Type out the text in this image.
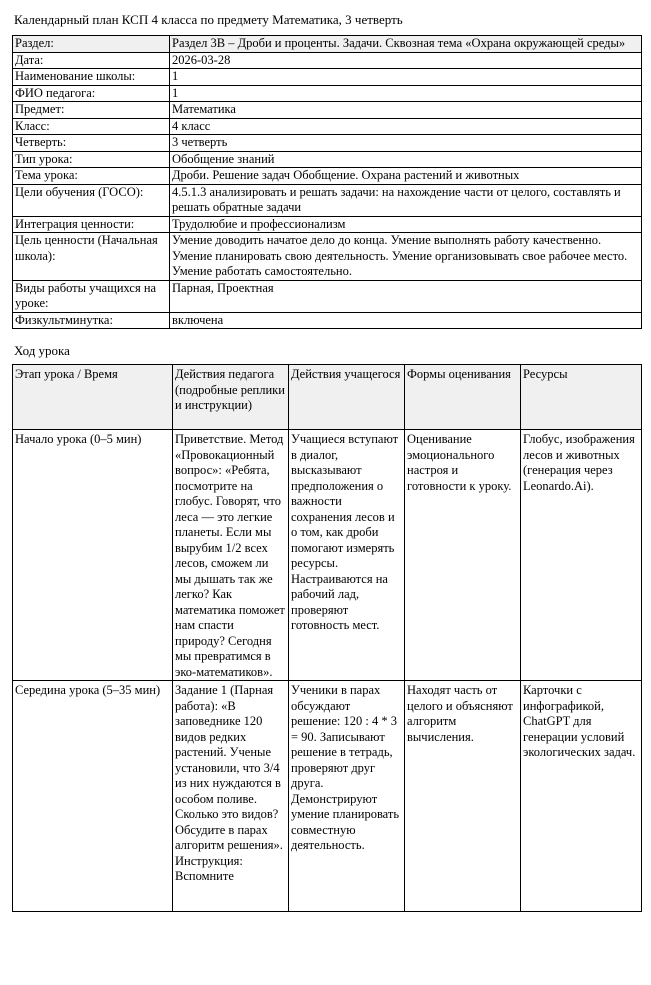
Календарный план КСП 4 класса по предмету Математика, 3 четверть
Раздел:	Раздел 3В – Дроби и проценты. Задачи. Сквозная тема «Охрана окружающей среды»
Дата:	2026-03-28
Наименование школы:	1
ФИО педагога:	1
Предмет:	Математика
Класс:	4 класс
Четверть:	3 четверть
Тип урока:	Обобщение знаний
Тема урока:	Дроби. Решение задач Обобщение. Охрана растений и животных
Цели обучения (ГОСО):	4.5.1.3 анализировать и решать задачи: на нахождение части от целого, составлять и решать обратные задачи
Интеграция ценности:	Трудолюбие и профессионализм
Цель ценности (Начальная школа):	Умение доводить начатое дело до конца. Умение выполнять работу качественно. Умение планировать свою деятельность. Умение организовывать свое рабочее место. Умение работать самостоятельно.
Виды работы учащихся на уроке:	Парная, Проектная
Физкультминутка:	включена
Ход урока
Этап урока / Время	Действия педагога (подробные реплики и инструкции)	Действия учащегося	Формы оценивания	Ресурсы
Начало урока (0–5 мин)	Приветствие. Метод «Провокационный вопрос»: «Ребята, посмотрите на глобус. Говорят, что леса — это легкие планеты. Если мы вырубим 1/2 всех лесов, сможем ли мы дышать так же легко? Как математика поможет нам спасти природу? Сегодня мы превратимся в эко-математиков».	Учащиеся вступают в диалог, высказывают предположения о важности сохранения лесов и о том, как дроби помогают измерять ресурсы. Настраиваются на рабочий лад, проверяют готовность мест.	Оценивание эмоционального настроя и готовности к уроку.	Глобус, изображения лесов и животных (генерация через Leonardo.Ai).

Середина урока (5–35 мин)	Задание 1 (Парная работа): «В заповеднике 120 видов редких растений. Ученые установили, что 3/4 из них нуждаются в особом поливе. Сколько это видов? Обсудите в парах алгоритм решения». Инструкция: Вспомните	Ученики в парах обсуждают решение: 120 : 4 * 3 = 90. Записывают решение в тетрадь, проверяют друг друга. Демонстрируют умение планировать совместную деятельность.	Находят часть от целого и объясняют алгоритм вычисления.	Карточки с инфографикой, ChatGPT для генерации условий экологических задач.
